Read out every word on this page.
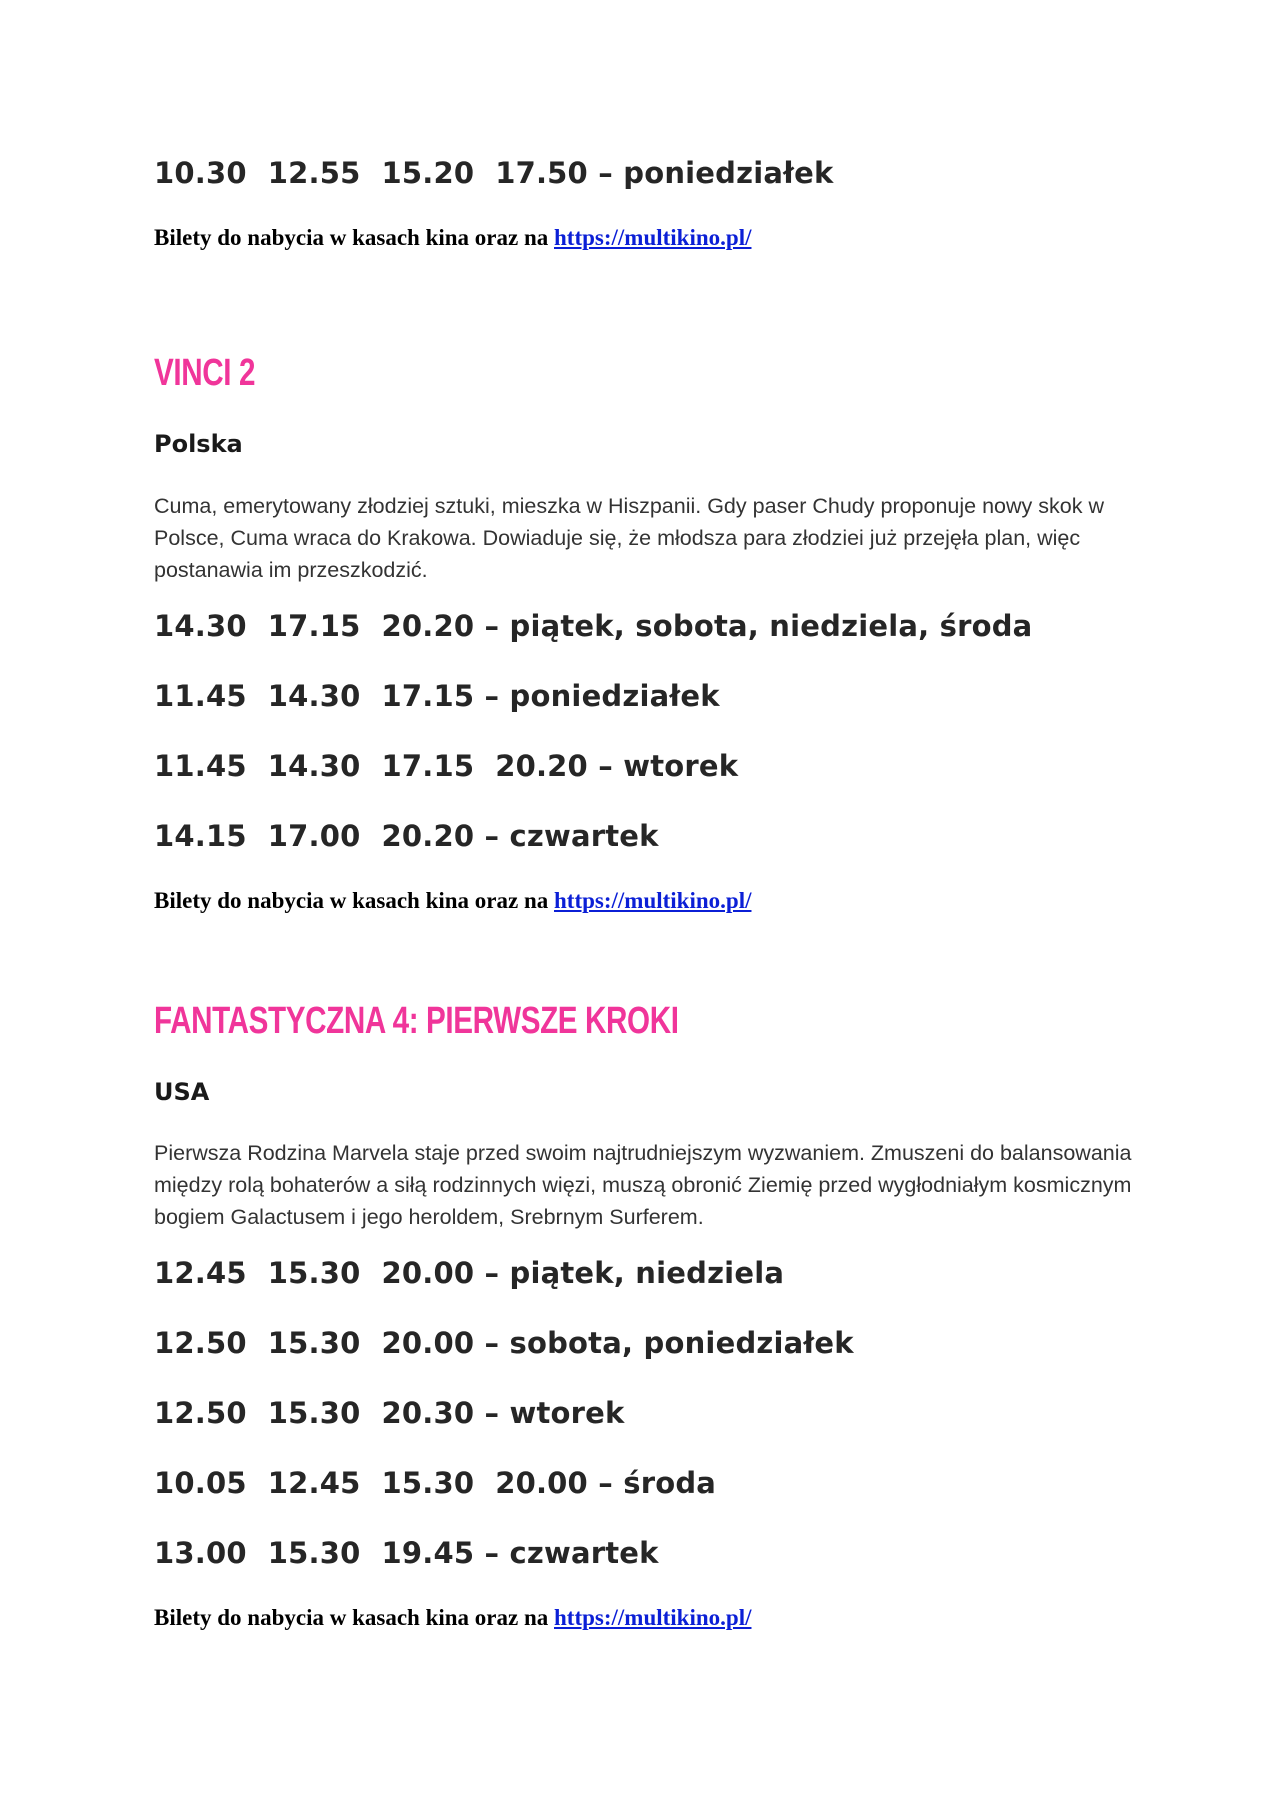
10.30 12.55 15.20 17.50 – poniedziałek
Bilety do nabycia w kasach kina oraz na https://multikino.pl/
VINCI 2
Polska
Cuma, emerytowany złodziej sztuki, mieszka w Hiszpanii. Gdy paser Chudy proponuje nowy skok w Polsce, Cuma wraca do Krakowa. Dowiaduje się, że młodsza para złodziei już przejęła plan, więc postanawia im przeszkodzić.
14.30 17.15 20.20 – piątek, sobota, niedziela, środa
11.45 14.30 17.15 – poniedziałek
11.45 14.30 17.15 20.20 – wtorek
14.15 17.00 20.20 – czwartek
Bilety do nabycia w kasach kina oraz na https://multikino.pl/
FANTASTYCZNA 4: PIERWSZE KROKI
USA
Pierwsza Rodzina Marvela staje przed swoim najtrudniejszym wyzwaniem. Zmuszeni do balansowania między rolą bohaterów a siłą rodzinnych więzi, muszą obronić Ziemię przed wygłodniałym kosmicznym bogiem Galactusem i jego heroldem, Srebrnym Surferem.
12.45 15.30 20.00 – piątek, niedziela
12.50 15.30 20.00 – sobota, poniedziałek
12.50 15.30 20.30 – wtorek
10.05 12.45 15.30 20.00 – środa
13.00 15.30 19.45 – czwartek
Bilety do nabycia w kasach kina oraz na https://multikino.pl/
